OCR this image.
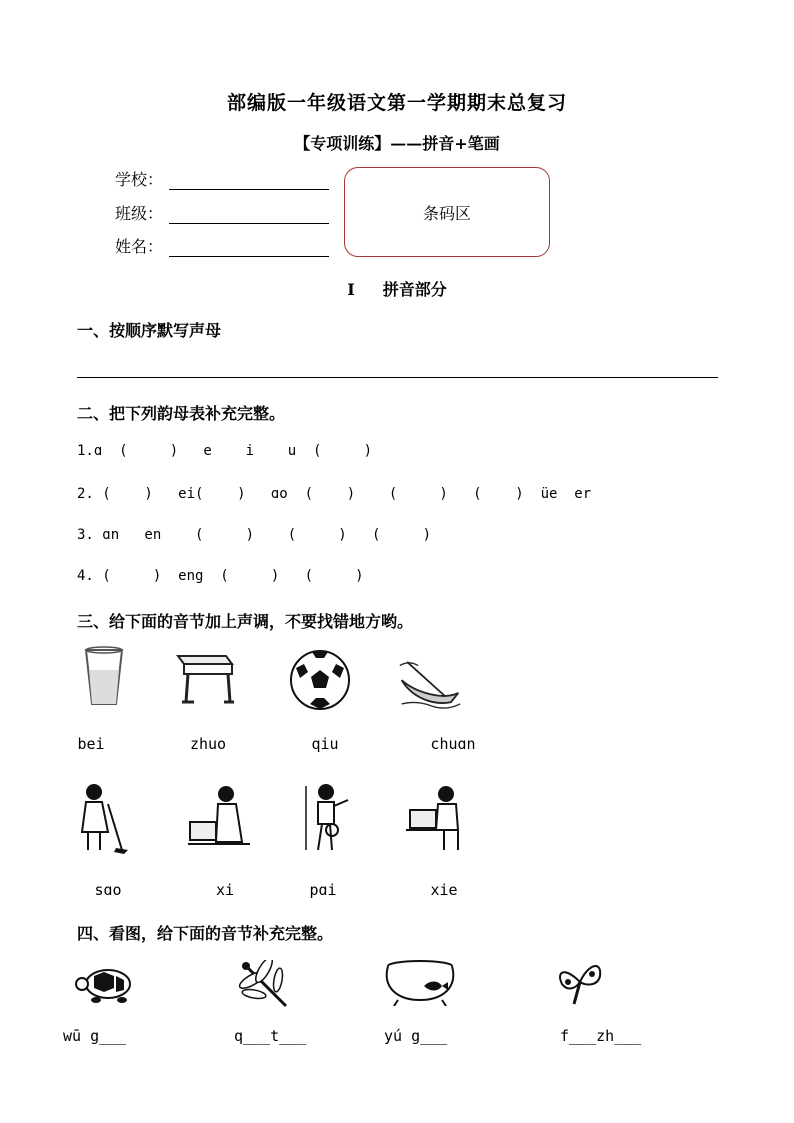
部编版一年级语文第一学期期末总复习
【专项训练】——拼音+笔画
学校：
班级：
姓名：
条码区
I 拼音部分
一、按顺序默写声母
二、把下列韵母表补充完整。
1.ɑ  (     )   e    i    u  (     )
2. (    )   ei(    )   ɑo  (    )    (     )   (    )  üe  er
3. ɑn   en    (     )    (     )   (     )
4. (     )  eng  (     )   (     )
三、给下面的音节加上声调，不要找错地方哟。
bei	zhuo	qiu	chuɑn
sɑo	xi	pɑi	xie
四、看图，给下面的音节补充完整。
wū g___	q___t___	yú g___	f___zh___
